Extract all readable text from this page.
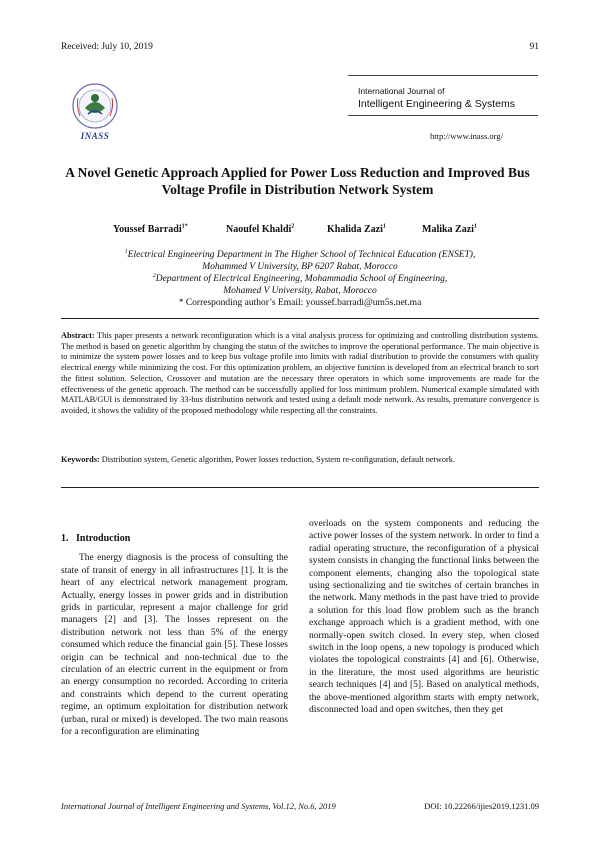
Received: July 10, 2019	91
INASS
International Journal of
Intelligent Engineering & Systems
http://www.inass.org/
A Novel Genetic Approach Applied for Power Loss Reduction and Improved Bus Voltage Profile in Distribution Network System
Youssef Barradi$^{1*}$	Naoufel Khaldi$^2$	Khalida Zazi$^1$	Malika Zazi$^1$
$^1$Electrical Engineering Department in The Higher School of Technical Education (ENSET),
Mohammed V University, BP 6207 Rabat, Morocco
$^2$Department of Electrical Engineering, Mohammadia School of Engineering,
Mohamed V University, Rabat, Morocco
* Corresponding author’s Email: youssef.barradi@um5s.net.ma
Abstract: This paper presents a network reconfiguration which is a vital analysis process for optimizing and controlling distribution systems. The method is based on genetic algorithm by changing the status of the switches to improve the operational performance. The main objective is to minimize the system power losses and to keep bus voltage profile into limits with radial distribution to provide the consumers with quality electrical energy while minimizing the cost. For this optimization problem, an objective function is developed from an electrical branch to sort the fittest solution. Selection, Crossover and mutation are the necessary three operators in which some improvements are made for the effectiveness of the genetic approach. The method can be successfully applied for loss minimum problem. Numerical example simulated with MATLAB/GUI is demonstrated by 33-bus distribution network and tested using a default mode network. As results, premature convergence is avoided, it shows the validity of the proposed methodology while respecting all the constraints.
Keywords: Distribution system, Genetic algorithm, Power losses reduction, System re-configuration, default network.
1. Introduction

The energy diagnosis is the process of consulting the state of transit of energy in all infrastructures [1]. It is the heart of any electrical network management program. Actually, energy losses in power grids and in distribution grids in particular, represent a major challenge for grid managers [2] and [3]. The losses represent on the distribution network not less than 5% of the energy consumed which reduce the financial gain [5]. These losses origin can be technical and non-technical due to the circulation of an electric current in the equipment or from an energy consumption no recorded. According to criteria and constraints which depend to the current operating regime, an optimum exploitation for distribution network (urban, rural or mixed) is developed. The two main reasons for a reconfiguration are eliminating

overloads on the system components and reducing the active power losses of the system network. In order to find a radial operating structure, the reconfiguration of a physical system consists in changing the functional links between the component elements, changing also the topological state using sectionalizing and tie switches of certain branches in the network. Many methods in the past have tried to provide a solution for this load flow problem such as the branch exchange approach which is a gradient method, with one normally-open switch closed. In every step, when closed switch in the loop opens, a new topology is produced which violates the topological constraints [4] and [6]. Otherwise, in the literature, the most used algorithms are heuristic search techniques [4] and [5]. Based on analytical methods, the above-mentioned algorithm starts with empty network, disconnected load and open switches, then they get

International Journal of Intelligent Engineering and Systems, Vol.12, No.6, 2019	DOI: 10.22266/ijies2019.1231.09
